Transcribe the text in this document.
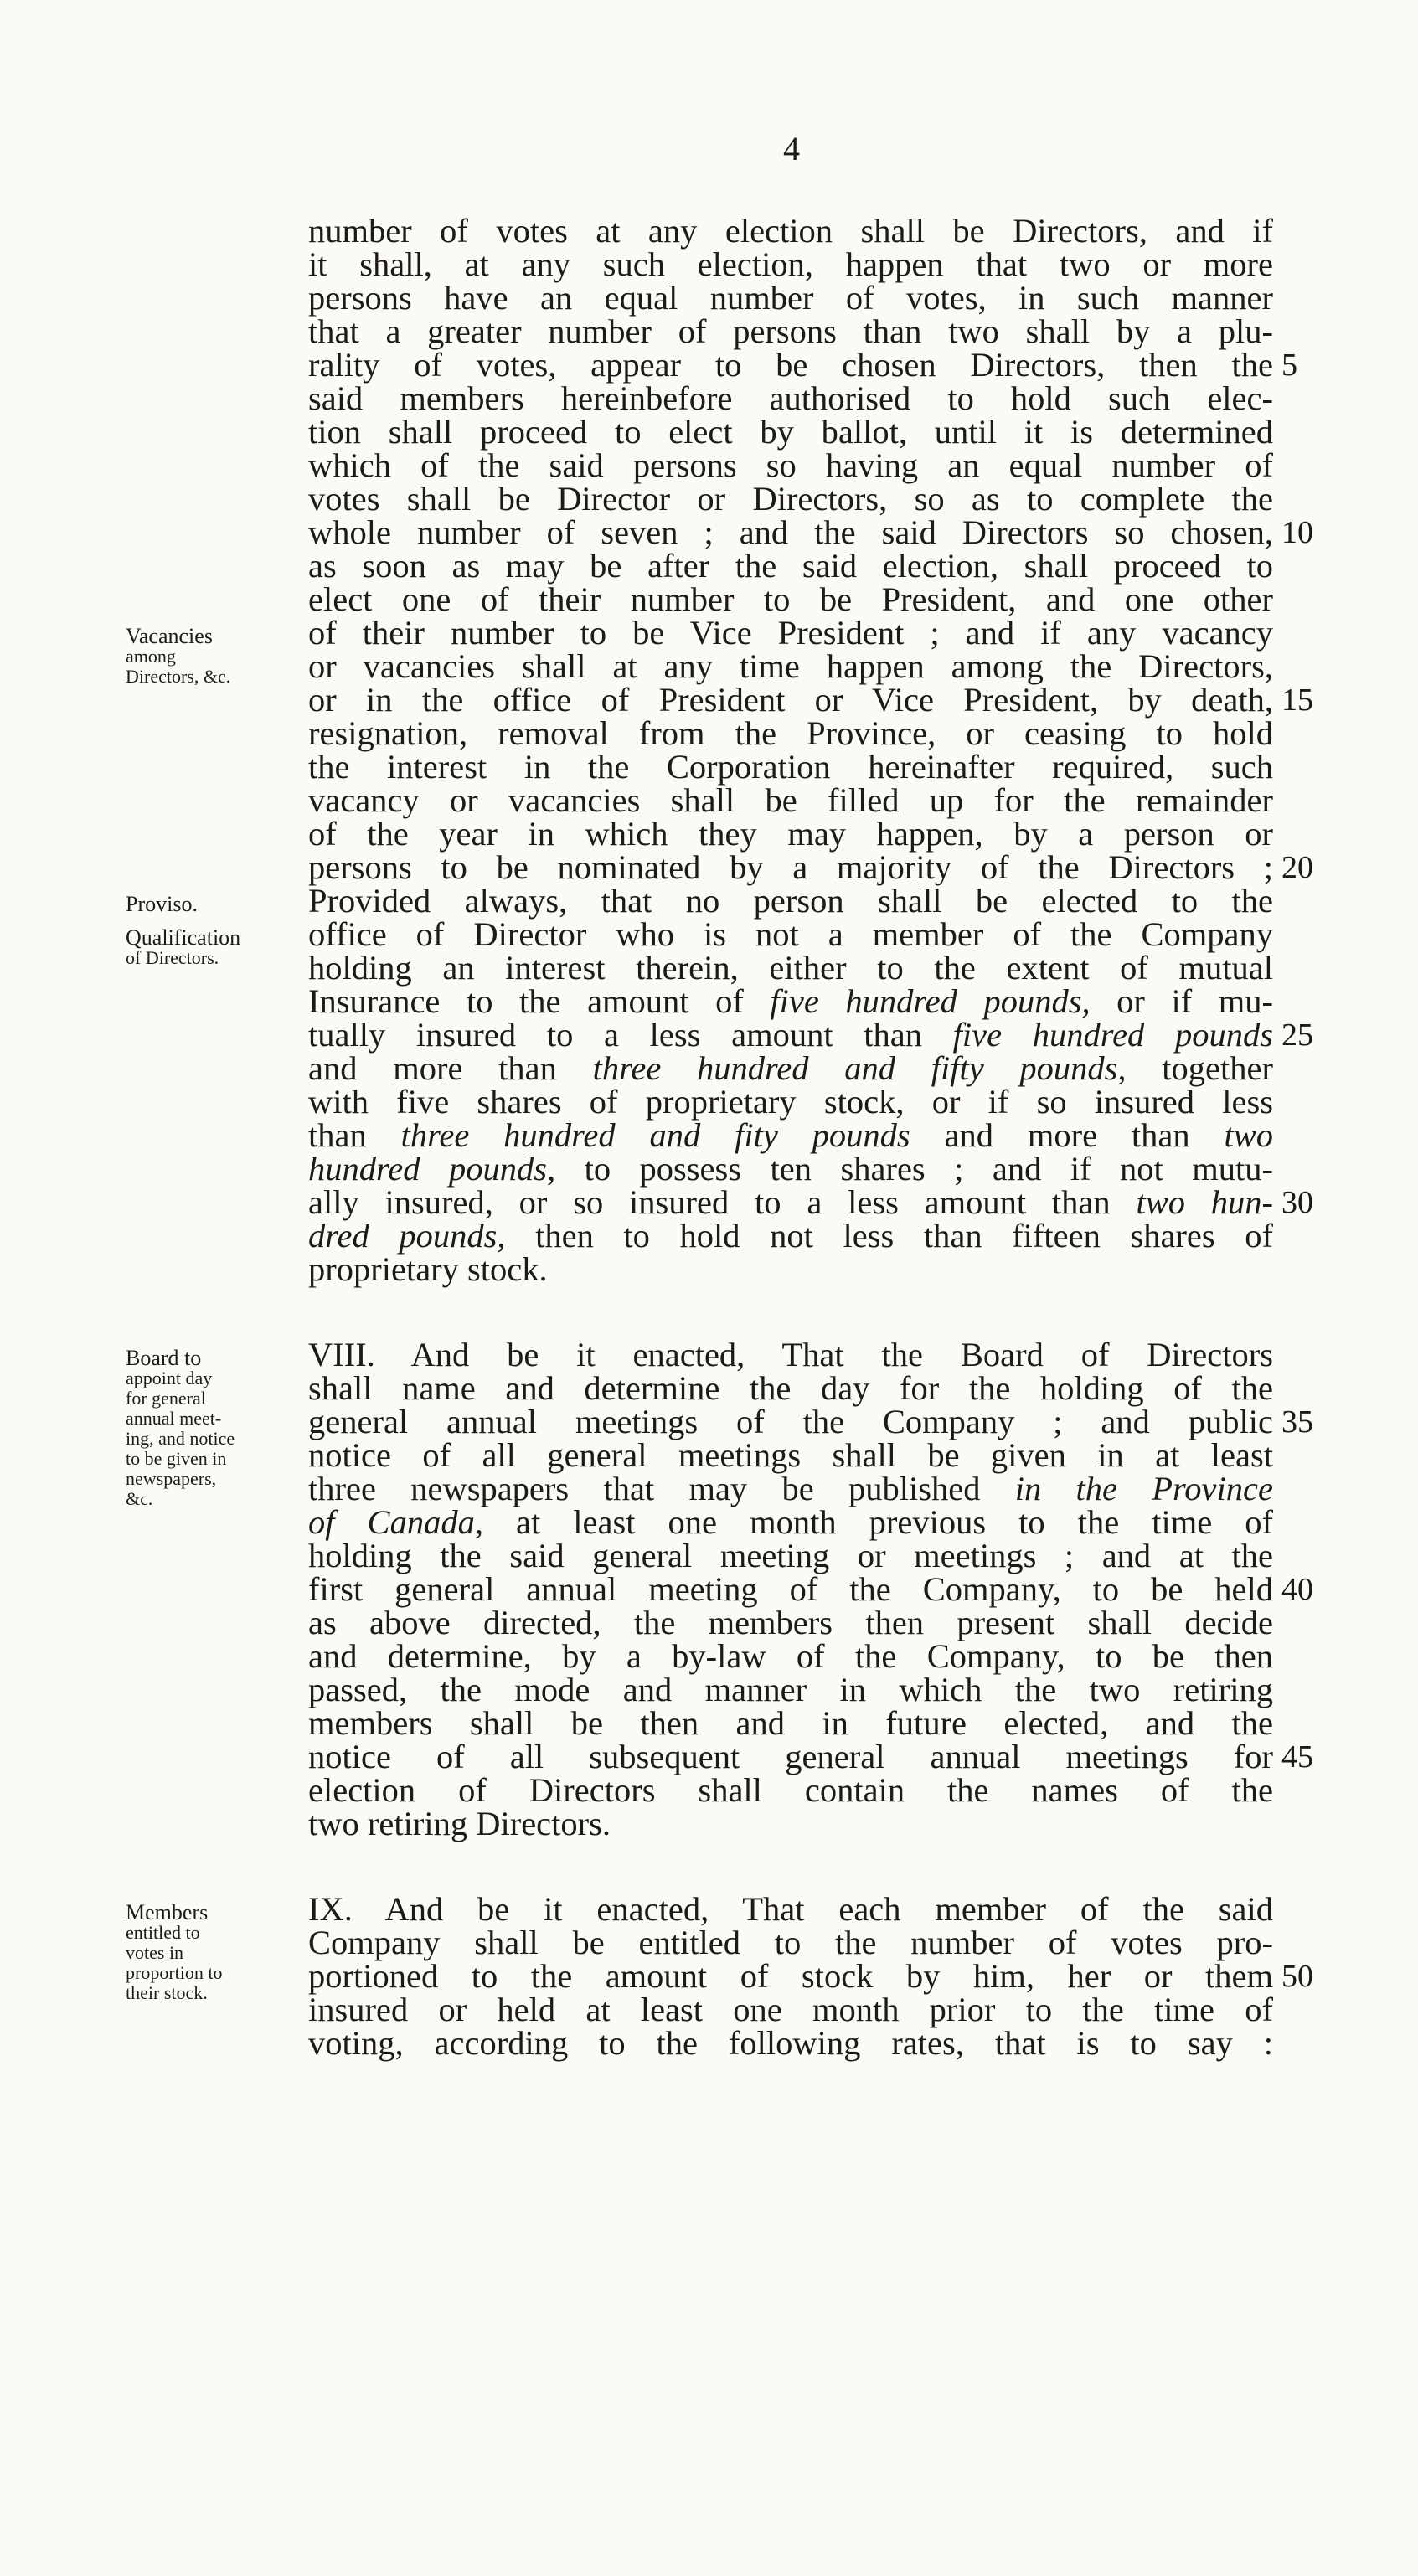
4
number of votes at any election shall be Directors, and if
it shall, at any such election, happen that two or more
persons have an equal number of votes, in such manner
that a greater number of persons than two shall by a plu-
rality of votes, appear to be chosen Directors, then the 5
said members hereinbefore authorised to hold such elec-
tion shall proceed to elect by ballot, until it is determined
which of the said persons so having an equal number of
votes shall be Director or Directors, so as to complete the
whole number of seven ; and the said Directors so chosen, 10
as soon as may be after the said election, shall proceed to
elect one of their number to be President, and one other
of their number to be Vice President ; and if any vacancy
or vacancies shall at any time happen among the Directors,
or in the office of President or Vice President, by death, 15
resignation, removal from the Province, or ceasing to hold
the interest in the Corporation hereinafter required, such
vacancy or vacancies shall be filled up for the remainder
of the year in which they may happen, by a person or
persons to be nominated by a majority of the Directors ; 20
Provided always, that no person shall be elected to the
office of Director who is not a member of the Company
holding an interest therein, either to the extent of mutual
Insurance to the amount of five hundred pounds, or if mu-
tually insured to a less amount than five hundred pounds 25
and more than three hundred and fifty pounds, together
with five shares of proprietary stock, or if so insured less
than three hundred and fity pounds and more than two
hundred pounds, to possess ten shares ; and if not mutu-
ally insured, or so insured to a less amount than two hun- 30
dred pounds, then to hold not less than fifteen shares of
proprietary stock.
VIII. And be it enacted, That the Board of Directors
shall name and determine the day for the holding of the
general annual meetings of the Company ; and public 35
notice of all general meetings shall be given in at least
three newspapers that may be published in the Province
of Canada, at least one month previous to the time of
holding the said general meeting or meetings ; and at the
first general annual meeting of the Company, to be held 40
as above directed, the members then present shall decide
and determine, by a by-law of the Company, to be then
passed, the mode and manner in which the two retiring
members shall be then and in future elected, and the
notice of all subsequent general annual meetings for 45
election of Directors shall contain the names of the
two retiring Directors.
IX. And be it enacted, That each member of the said
Company shall be entitled to the number of votes pro-
portioned to the amount of stock by him, her or them 50
insured or held at least one month prior to the time of
voting, according to the following rates, that is to say :
Vacancies
among
Directors, &c.
Proviso.
Qualification
of Directors.
Board to
appoint day
for general
annual meet-
ing, and notice
to be given in
newspapers,
&c.
Members
entitled to
votes in
proportion to
their stock.
